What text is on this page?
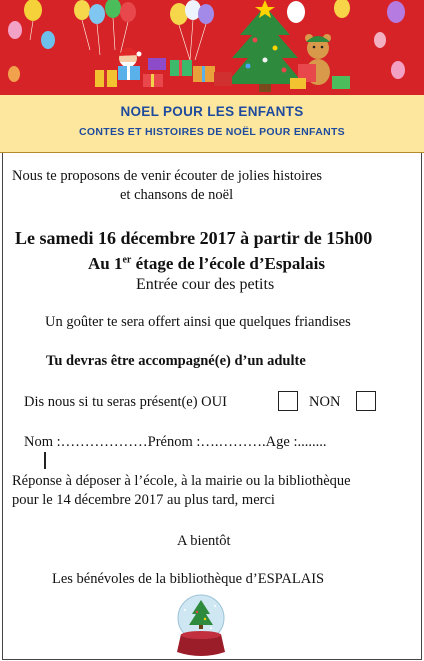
NOEL POUR LES ENFANTS
CONTES ET HISTOIRES DE NOËL POUR ENFANTS
Nous te proposons de venir écouter de jolies histoires
et chansons de noël
Le samedi 16 décembre 2017 à partir de 15h00
Au 1er étage de l’école d’Espalais
Entrée cour des petits
Un goûter te sera offert ainsi que quelques friandises
Tu devras être accompagné(e) d’un adulte
Dis nous si tu seras présent(e) OUI	NON
Nom :………………Prénom :….……….Age :........
Réponse à déposer à l’école, à la mairie ou la bibliothèque
pour le 14 décembre 2017 au plus tard, merci
A bientôt
Les bénévoles de la bibliothèque d’ESPALAIS
